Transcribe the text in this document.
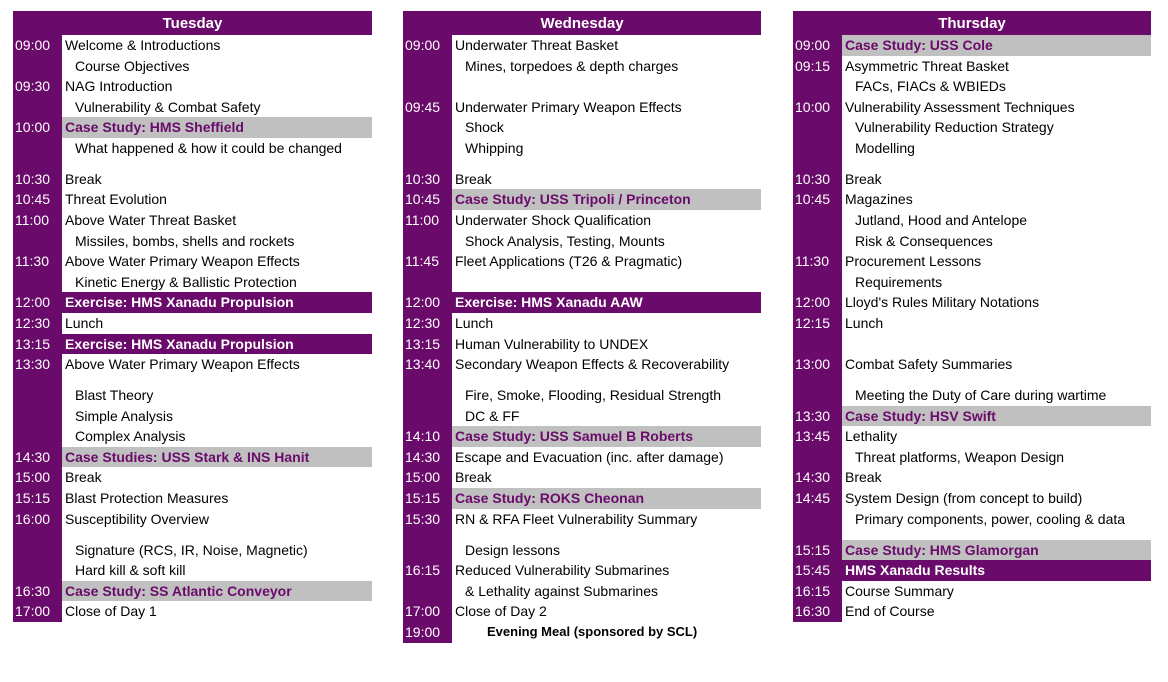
Tuesday
09:00	Welcome & Introductions
Course Objectives
09:30	NAG Introduction
Vulnerability & Combat Safety
10:00	Case Study: HMS Sheffield
What happened & how it could be changed
10:30	Break
10:45	Threat Evolution
11:00	Above Water Threat Basket
Missiles, bombs, shells and rockets
11:30	Above Water Primary Weapon Effects
Kinetic Energy & Ballistic Protection
12:00	Exercise: HMS Xanadu Propulsion
12:30	Lunch
13:15	Exercise: HMS Xanadu Propulsion
13:30	Above Water Primary Weapon Effects
Blast Theory
Simple Analysis
Complex Analysis
14:30	Case Studies: USS Stark & INS Hanit
15:00	Break
15:15	Blast Protection Measures
16:00	Susceptibility Overview
Signature (RCS, IR, Noise, Magnetic)
Hard kill & soft kill
16:30	Case Study: SS Atlantic Conveyor
17:00	Close of Day 1
Wednesday
09:00	Underwater Threat Basket
Mines, torpedoes & depth charges
09:45	Underwater Primary Weapon Effects
Shock
Whipping
10:30	Break
10:45	Case Study: USS Tripoli / Princeton
11:00	Underwater Shock Qualification
Shock Analysis, Testing, Mounts
11:45	Fleet Applications (T26 & Pragmatic)
12:00	Exercise: HMS Xanadu AAW
12:30	Lunch
13:15	Human Vulnerability to UNDEX
13:40	Secondary Weapon Effects & Recoverability
Fire, Smoke, Flooding, Residual Strength
DC & FF
14:10	Case Study: USS Samuel B Roberts
14:30	Escape and Evacuation (inc. after damage)
15:00	Break
15:15	Case Study: ROKS Cheonan
15:30	RN & RFA Fleet Vulnerability Summary
Design lessons
16:15	Reduced Vulnerability Submarines
& Lethality against Submarines
17:00	Close of Day 2
19:00	Evening Meal (sponsored by SCL)
Thursday
09:00	Case Study: USS Cole
09:15	Asymmetric Threat Basket
FACs, FIACs & WBIEDs
10:00	Vulnerability Assessment Techniques
Vulnerability Reduction Strategy
Modelling
10:30	Break
10:45	Magazines
Jutland, Hood and Antelope
Risk & Consequences
11:30	Procurement Lessons
Requirements
12:00	Lloyd's Rules Military Notations
12:15	Lunch
13:00	Combat Safety Summaries
Meeting the Duty of Care during wartime
13:30	Case Study: HSV Swift
13:45	Lethality
Threat platforms, Weapon Design
14:30	Break
14:45	System Design (from concept to build)
Primary components, power, cooling & data
15:15	Case Study: HMS Glamorgan
15:45	HMS Xanadu Results
16:15	Course Summary
16:30	End of Course
